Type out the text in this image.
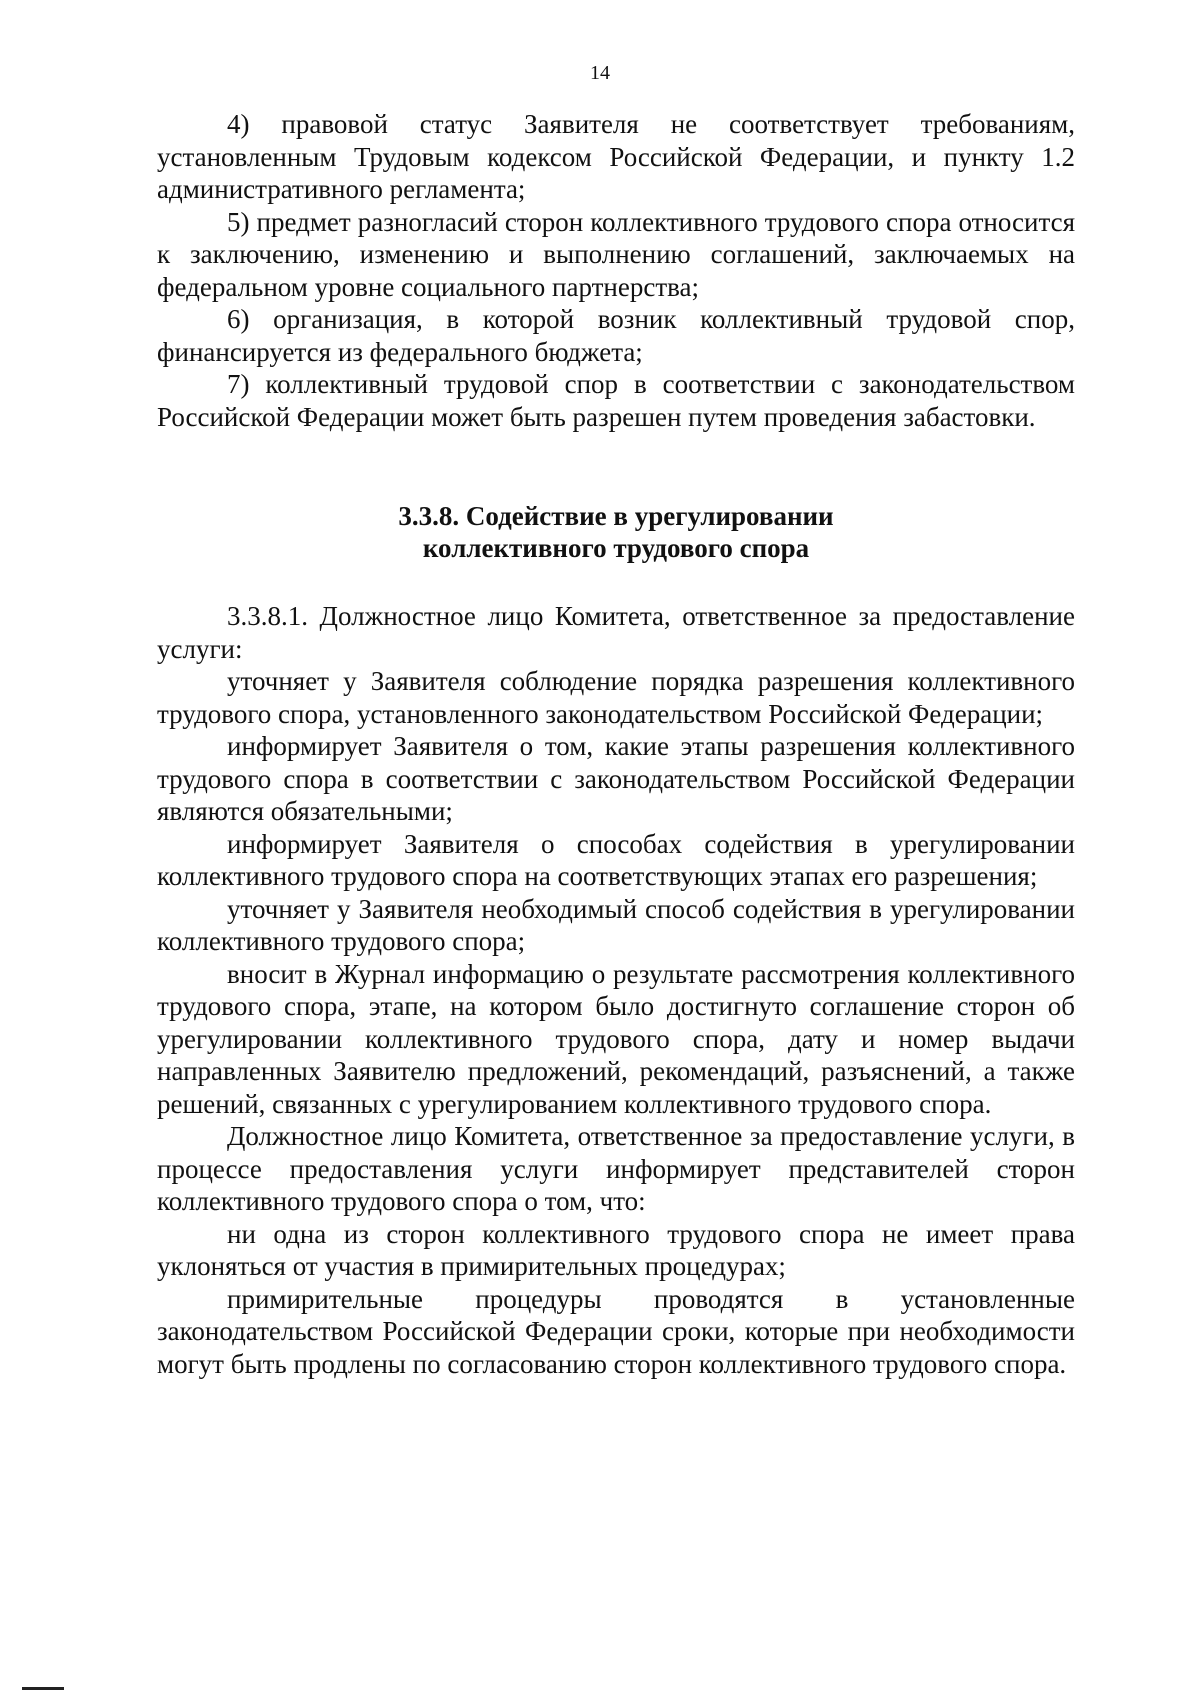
14

4) правовой статус Заявителя не соответствует требованиям, установленным Трудовым кодексом Российской Федерации, и пункту 1.2 административного регламента;

5) предмет разногласий сторон коллективного трудового спора относится к заключению, изменению и выполнению соглашений, заключаемых на федеральном уровне социального партнерства;

6) организация, в которой возник коллективный трудовой спор, финансируется из федерального бюджета;

7) коллективный трудовой спор в соответствии с законодательством Российской Федерации может быть разрешен путем проведения забастовки.

3.3.8. Содействие в урегулировании
коллективного трудового спора

3.3.8.1. Должностное лицо Комитета, ответственное за предоставление услуги:

уточняет у Заявителя соблюдение порядка разрешения коллективного трудового спора, установленного законодательством Российской Федерации;

информирует Заявителя о том, какие этапы разрешения коллективного трудового спора в соответствии с законодательством Российской Федерации являются обязательными;

информирует Заявителя о способах содействия в урегулировании коллективного трудового спора на соответствующих этапах его разрешения;

уточняет у Заявителя необходимый способ содействия в урегулировании коллективного трудового спора;

вносит в Журнал информацию о результате рассмотрения коллективного трудового спора, этапе, на котором было достигнуто соглашение сторон об урегулировании коллективного трудового спора, дату и номер выдачи направленных Заявителю предложений, рекомендаций, разъяснений, а также решений, связанных с урегулированием коллективного трудового спора.

Должностное лицо Комитета, ответственное за предоставление услуги, в процессе предоставления услуги информирует представителей сторон коллективного трудового спора о том, что:

ни одна из сторон коллективного трудового спора не имеет права уклоняться от участия в примирительных процедурах;

примирительные процедуры проводятся в установленные законодательством Российской Федерации сроки, которые при необходимости могут быть продлены по согласованию сторон коллективного трудового спора.
